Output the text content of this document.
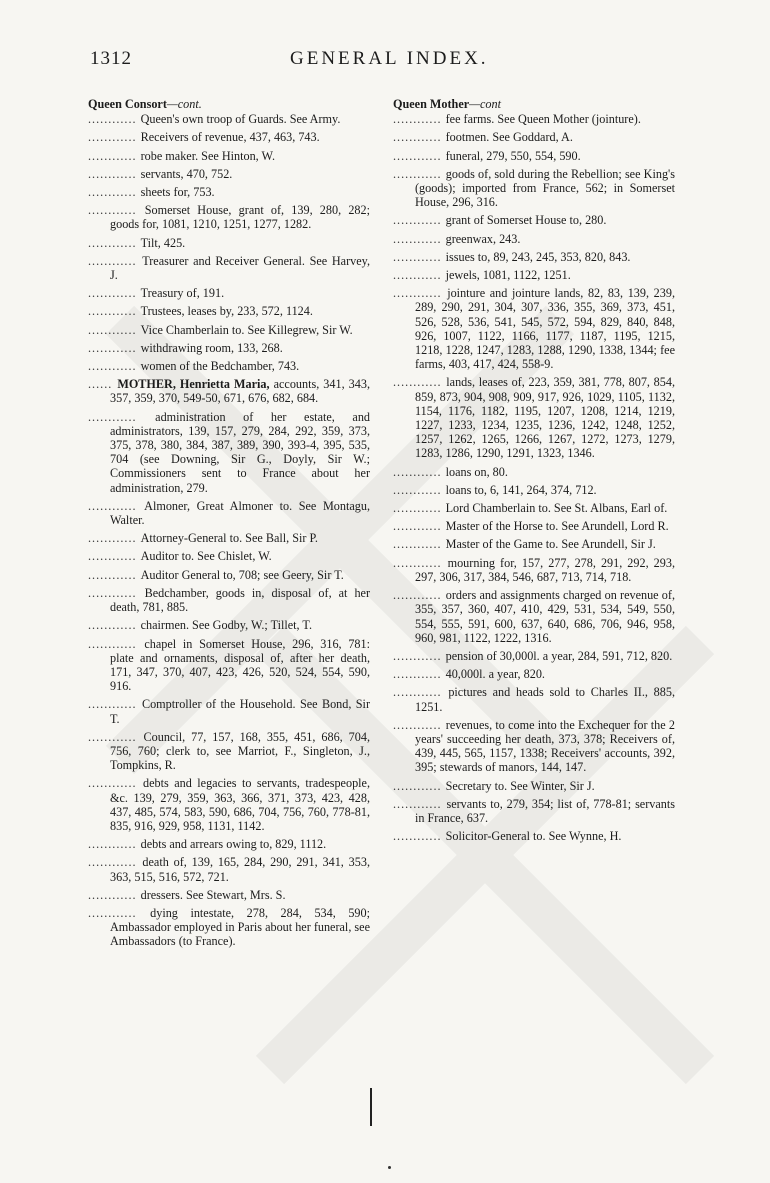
1312	GENERAL INDEX.

Queen Consort—cont.

............ Queen's own troop of Guards. See Army.

............ Receivers of revenue, 437, 463, 743.

............ robe maker. See Hinton, W.

............ servants, 470, 752.

............ sheets for, 753.

............ Somerset House, grant of, 139, 280, 282; goods for, 1081, 1210, 1251, 1277, 1282.

............ Tilt, 425.

............ Treasurer and Receiver General. See Harvey, J.

............ Treasury of, 191.

............ Trustees, leases by, 233, 572, 1124.

............ Vice Chamberlain to. See Killegrew, Sir W.

............ withdrawing room, 133, 268.

............ women of the Bedchamber, 743.

...... MOTHER, Henrietta Maria, accounts, 341, 343, 357, 359, 370, 549-50, 671, 676, 682, 684.

............ administration of her estate, and administrators, 139, 157, 279, 284, 292, 359, 373, 375, 378, 380, 384, 387, 389, 390, 393-4, 395, 535, 704 (see Downing, Sir G., Doyly, Sir W.; Commissioners sent to France about her administration, 279.

............ Almoner, Great Almoner to. See Montagu, Walter.

............ Attorney-General to. See Ball, Sir P.

............ Auditor to. See Chislet, W.

............ Auditor General to, 708; see Geery, Sir T.

............ Bedchamber, goods in, disposal of, at her death, 781, 885.

............ chairmen. See Godby, W.; Tillet, T.

............ chapel in Somerset House, 296, 316, 781: plate and ornaments, disposal of, after her death, 171, 347, 370, 407, 423, 426, 520, 524, 554, 590, 916.

............ Comptroller of the Household. See Bond, Sir T.

............ Council, 77, 157, 168, 355, 451, 686, 704, 756, 760; clerk to, see Marriot, F., Singleton, J., Tompkins, R.

............ debts and legacies to servants, tradespeople, &c. 139, 279, 359, 363, 366, 371, 373, 423, 428, 437, 485, 574, 583, 590, 686, 704, 756, 760, 778-81, 835, 916, 929, 958, 1131, 1142.

............ debts and arrears owing to, 829, 1112.

............ death of, 139, 165, 284, 290, 291, 341, 353, 363, 515, 516, 572, 721.

............ dressers. See Stewart, Mrs. S.

............ dying intestate, 278, 284, 534, 590; Ambassador employed in Paris about her funeral, see Ambassadors (to France).

Queen Mother—cont

............ fee farms. See Queen Mother (jointure).

............ footmen. See Goddard, A.

............ funeral, 279, 550, 554, 590.

............ goods of, sold during the Rebellion; see King's (goods); imported from France, 562; in Somerset House, 296, 316.

............ grant of Somerset House to, 280.

............ greenwax, 243.

............ issues to, 89, 243, 245, 353, 820, 843.

............ jewels, 1081, 1122, 1251.

............ jointure and jointure lands, 82, 83, 139, 239, 289, 290, 291, 304, 307, 336, 355, 369, 373, 451, 526, 528, 536, 541, 545, 572, 594, 829, 840, 848, 926, 1007, 1122, 1166, 1177, 1187, 1195, 1215, 1218, 1228, 1247, 1283, 1288, 1290, 1338, 1344; fee farms, 403, 417, 424, 558-9.

............ lands, leases of, 223, 359, 381, 778, 807, 854, 859, 873, 904, 908, 909, 917, 926, 1029, 1105, 1132, 1154, 1176, 1182, 1195, 1207, 1208, 1214, 1219, 1227, 1233, 1234, 1235, 1236, 1242, 1248, 1252, 1257, 1262, 1265, 1266, 1267, 1272, 1273, 1279, 1283, 1286, 1290, 1291, 1323, 1346.

............ loans on, 80.

............ loans to, 6, 141, 264, 374, 712.

............ Lord Chamberlain to. See St. Albans, Earl of.

............ Master of the Horse to. See Arundell, Lord R.

............ Master of the Game to. See Arundell, Sir J.

............ mourning for, 157, 277, 278, 291, 292, 293, 297, 306, 317, 384, 546, 687, 713, 714, 718.

............ orders and assignments charged on revenue of, 355, 357, 360, 407, 410, 429, 531, 534, 549, 550, 554, 555, 591, 600, 637, 640, 686, 706, 946, 958, 960, 981, 1122, 1222, 1316.

............ pension of 30,000l. a year, 284, 591, 712, 820.

............ 40,000l. a year, 820.

............ pictures and heads sold to Charles II., 885, 1251.

............ revenues, to come into the Exchequer for the 2 years' succeeding her death, 373, 378; Receivers of, 439, 445, 565, 1157, 1338; Receivers' accounts, 392, 395; stewards of manors, 144, 147.

............ Secretary to. See Winter, Sir J.

............ servants to, 279, 354; list of, 778-81; servants in France, 637.

............ Solicitor-General to. See Wynne, H.
